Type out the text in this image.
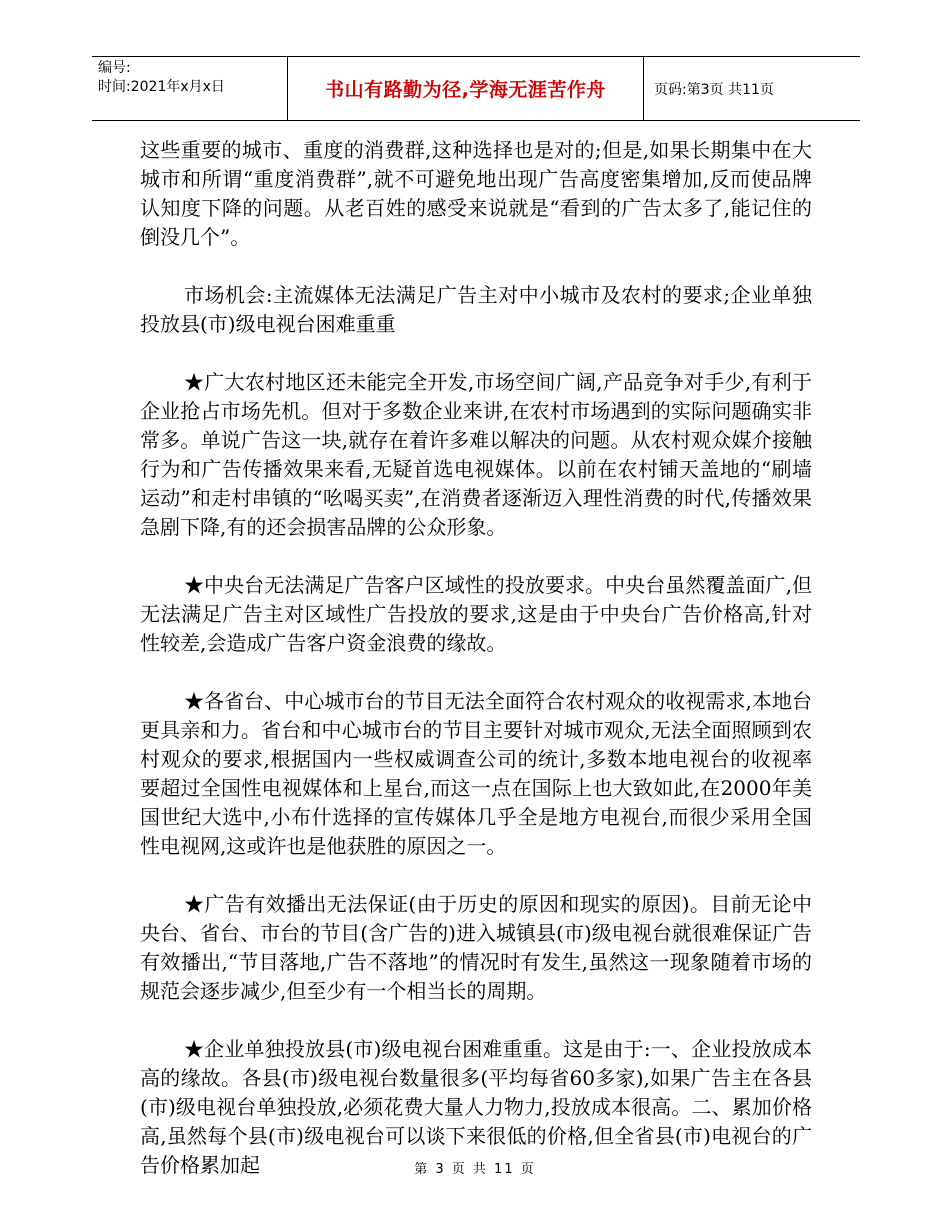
编号:
时间:2021年x月x日	书山有路勤为径,学海无涯苦作舟	页码:第3页 共11页

这些重要的城市、重度的消费群,这种选择也是对的;但是,如果长期集中在大城市和所谓“重度消费群”,就不可避免地出现广告高度密集增加,反而使品牌认知度下降的问题。从老百姓的感受来说就是“看到的广告太多了,能记住的倒没几个”。

市场机会:主流媒体无法满足广告主对中小城市及农村的要求;企业单独投放县(市)级电视台困难重重

★广大农村地区还未能完全开发,市场空间广阔,产品竞争对手少,有利于企业抢占市场先机。但对于多数企业来讲,在农村市场遇到的实际问题确实非常多。单说广告这一块,就存在着许多难以解决的问题。从农村观众媒介接触行为和广告传播效果来看,无疑首选电视媒体。以前在农村铺天盖地的“刷墙运动”和走村串镇的“吆喝买卖”,在消费者逐渐迈入理性消费的时代,传播效果急剧下降,有的还会损害品牌的公众形象。

★中央台无法满足广告客户区域性的投放要求。中央台虽然覆盖面广,但无法满足广告主对区域性广告投放的要求,这是由于中央台广告价格高,针对性较差,会造成广告客户资金浪费的缘故。

★各省台、中心城市台的节目无法全面符合农村观众的收视需求,本地台更具亲和力。省台和中心城市台的节目主要针对城市观众,无法全面照顾到农村观众的要求,根据国内一些权威调查公司的统计,多数本地电视台的收视率要超过全国性电视媒体和上星台,而这一点在国际上也大致如此,在2000年美国世纪大选中,小布什选择的宣传媒体几乎全是地方电视台,而很少采用全国性电视网,这或许也是他获胜的原因之一。

★广告有效播出无法保证(由于历史的原因和现实的原因)。目前无论中央台、省台、市台的节目(含广告的)进入城镇县(市)级电视台就很难保证广告有效播出,“节目落地,广告不落地”的情况时有发生,虽然这一现象随着市场的规范会逐步减少,但至少有一个相当长的周期。

★企业单独投放县(市)级电视台困难重重。这是由于:一、企业投放成本高的缘故。各县(市)级电视台数量很多(平均每省60多家),如果广告主在各县(市)级电视台单独投放,必须花费大量人力物力,投放成本很高。二、累加价格高,虽然每个县(市)级电视台可以谈下来很低的价格,但全省县(市)电视台的广告价格累加起	第 3 页 共 11 页
